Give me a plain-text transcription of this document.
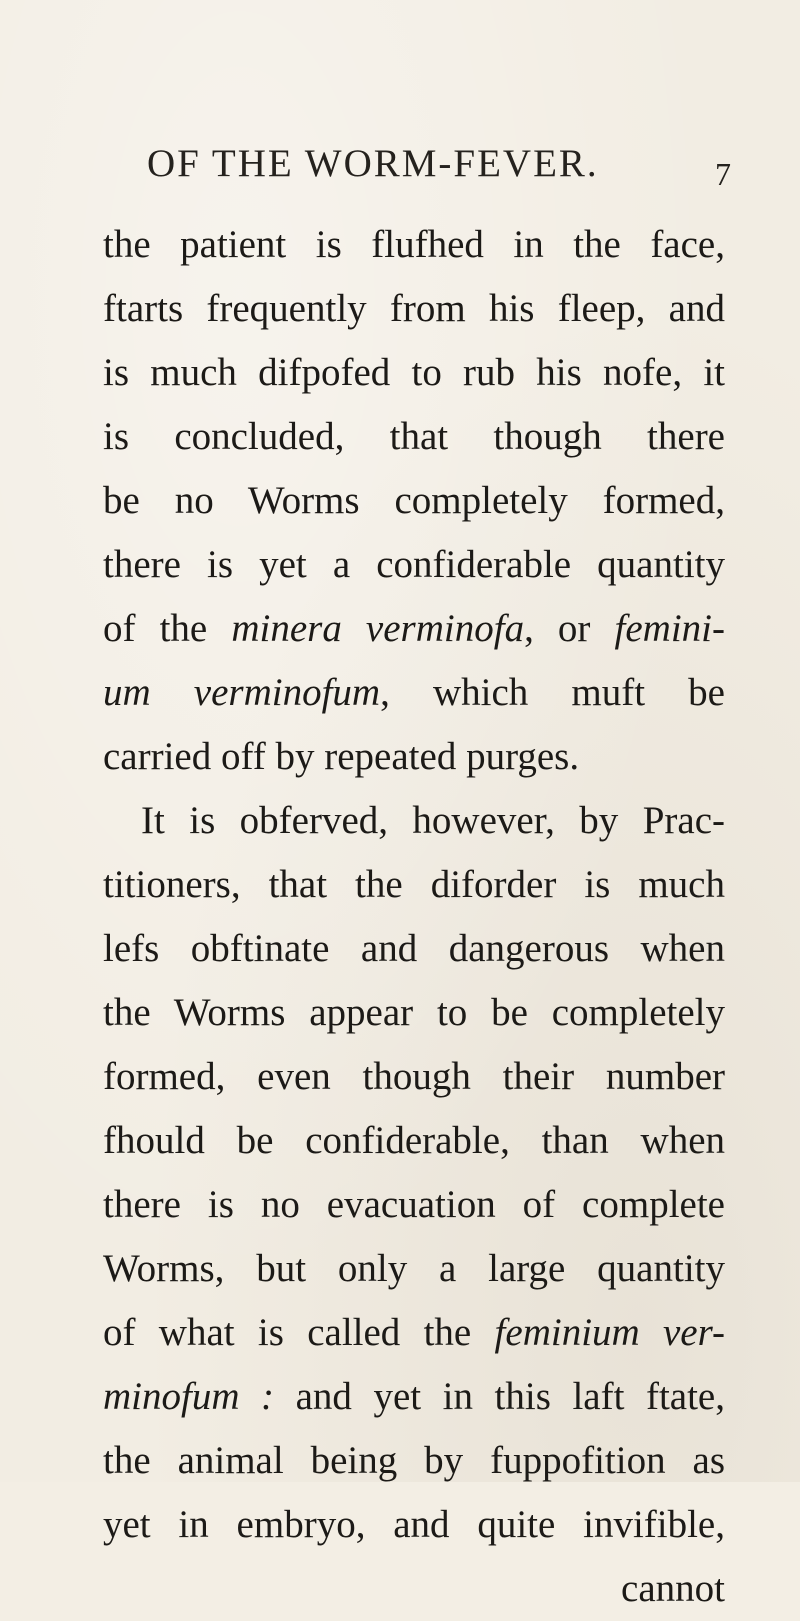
OF THE WORM-FEVER.	7
the patient is flufhed in the face,
ftarts frequently from his fleep, and
is much difpofed to rub his nofe, it
is concluded, that though there
be no Worms completely formed,
there is yet a confiderable quantity
of the minera verminofa, or femini-
um verminofum, which muft be
carried off by repeated purges.
It is obferved, however, by Prac-
titioners, that the diforder is much
lefs obftinate and dangerous when
the Worms appear to be completely
formed, even though their number
fhould be confiderable, than when
there is no evacuation of complete
Worms, but only a large quantity
of what is called the feminium ver-
minofum : and yet in this laft ftate,
the animal being by fuppofition as
yet in embryo, and quite invifible,
cannot
